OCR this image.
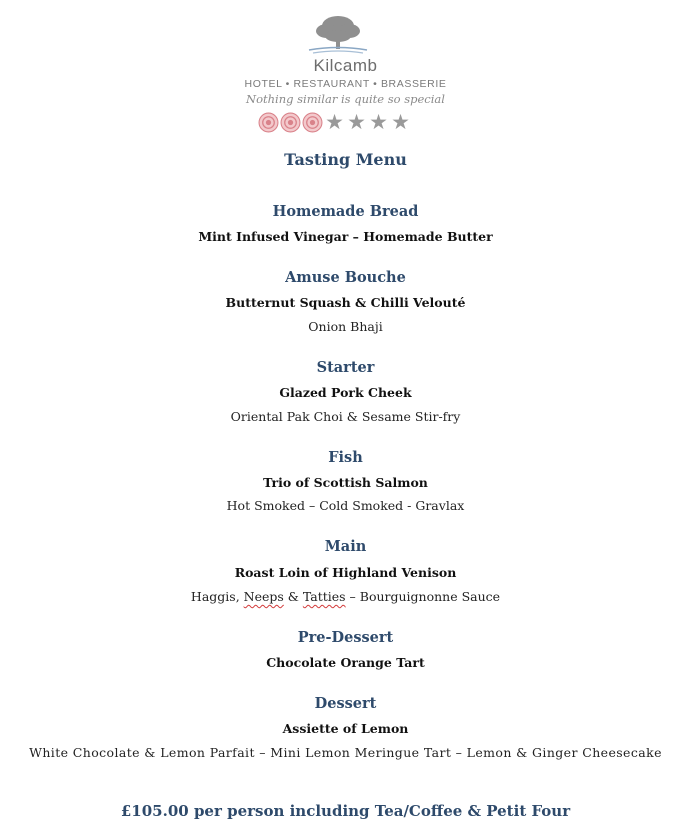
Kilcamb
HOTEL • RESTAURANT • BRASSERIE
Nothing similar is quite so special
★ ★ ★ ★
Tasting Menu
Homemade Bread
Mint Infused Vinegar – Homemade Butter
Amuse Bouche
Butternut Squash & Chilli Velouté
Onion Bhaji
Starter
Glazed Pork Cheek
Oriental Pak Choi & Sesame Stir-fry
Fish
Trio of Scottish Salmon
Hot Smoked – Cold Smoked - Gravlax
Main
Roast Loin of Highland Venison
Haggis, Neeps & Tatties – Bourguignonne Sauce
Pre-Dessert
Chocolate Orange Tart
Dessert
Assiette of Lemon
White Chocolate & Lemon Parfait – Mini Lemon Meringue Tart – Lemon & Ginger Cheesecake
£105.00 per person including Tea/Coffee & Petit Four
